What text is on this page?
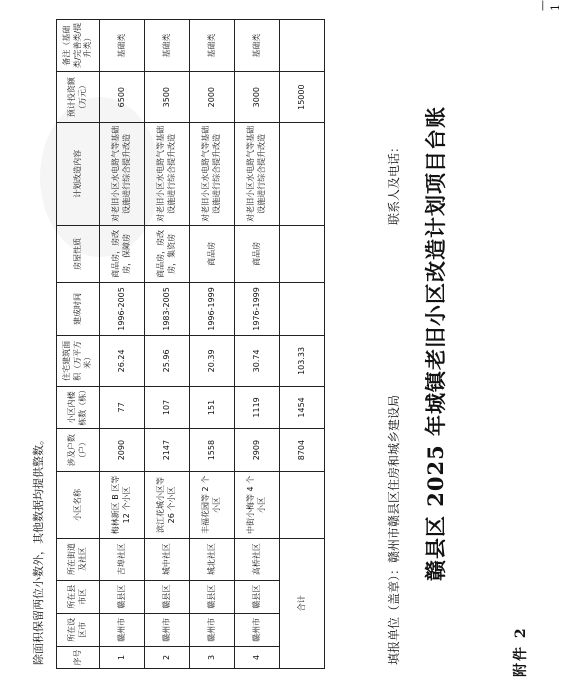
附件 2
赣县区 2025 年城镇老旧小区改造计划项目台账
填报单位（盖章）：赣州市赣县区住房和城乡建设局
联系人及电话：
序号	所在设区市	所在县市区	所在街道及社区	小区名称	涉及户数（户）	小区内楼栋数（栋）	住宅建筑面积（万平方米）	建成时间	房屋性质	计划改造内容	预计投资额（万元）	备注（基础类/完善类/提升类）
1	赣州市	赣县区	吉埠社区	梅林新区 B 区等 12 个小区	2090	77	26.24	1996-2005	商品房，房改房，保障房	对老旧小区水电路气等基础设施进行综合提升改造	6500	基础类
2	赣州市	赣县区	城中社区	滨江花城小区等 26 个小区	2147	107	25.96	1983-2005	商品房，房改房，集资房	对老旧小区水电路气等基础设施进行综合提升改造	3500	基础类
3	赣州市	赣县区	城北社区	丰福花园等 2 个小区	1558	151	20.39	1996-1999	商品房	对老旧小区水电路气等基础设施进行综合提升改造	2000	基础类
4	赣州市	赣县区	高桥社区	中街小梅等 4 个小区	2909	1119	30.74	1976-1999	商品房	对老旧小区水电路气等基础设施进行综合提升改造	3000	基础类
合计					8704	1454	103.33				15000	
除面积保留两位小数外，其他数据均提供整数。
— 1
